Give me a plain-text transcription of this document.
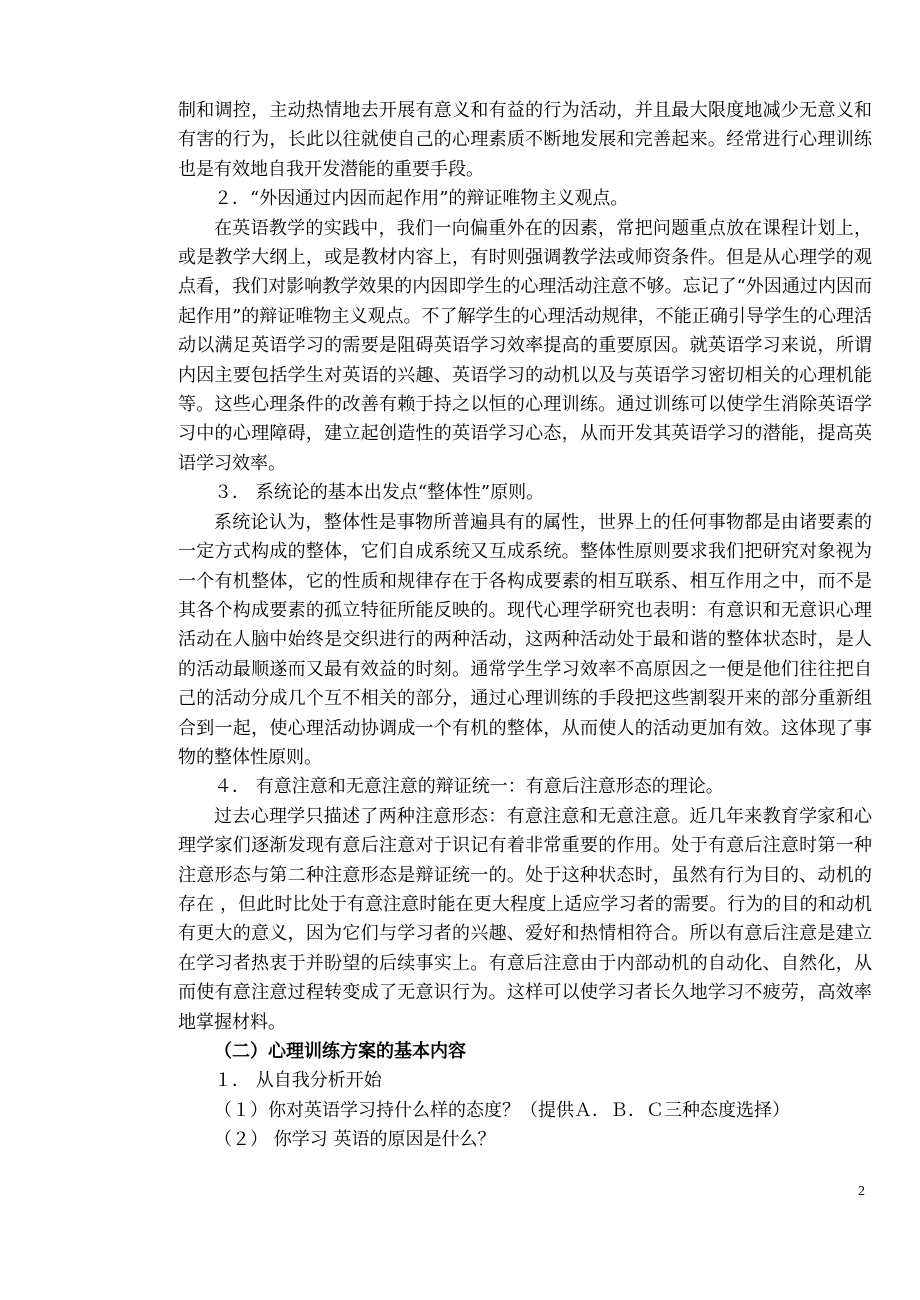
制和调控，主动热情地去开展有意义和有益的行为活动，并且最大限度地减少无意义和有害的行为，长此以往就使自己的心理素质不断地发展和完善起来。经常进行心理训练也是有效地自我开发潜能的重要手段。

２．“外因通过内因而起作用”的辩证唯物主义观点。

在英语教学的实践中，我们一向偏重外在的因素，常把问题重点放在课程计划上，或是教学大纲上，或是教材内容上，有时则强调教学法或师资条件。但是从心理学的观点看，我们对影响教学效果的内因即学生的心理活动注意不够。忘记了“外因通过内因而起作用”的辩证唯物主义观点。不了解学生的心理活动规律，不能正确引导学生的心理活动以满足英语学习的需要是阻碍英语学习效率提高的重要原因。就英语学习来说，所谓内因主要包括学生对英语的兴趣、英语学习的动机以及与英语学习密切相关的心理机能等。这些心理条件的改善有赖于持之以恒的心理训练。通过训练可以使学生消除英语学习中的心理障碍，建立起创造性的英语学习心态，从而开发其英语学习的潜能，提高英语学习效率。

３． 系统论的基本出发点“整体性”原则。

系统论认为，整体性是事物所普遍具有的属性，世界上的任何事物都是由诸要素的一定方式构成的整体，它们自成系统又互成系统。整体性原则要求我们把研究对象视为一个有机整体，它的性质和规律存在于各构成要素的相互联系、相互作用之中，而不是其各个构成要素的孤立特征所能反映的。现代心理学研究也表明：有意识和无意识心理活动在人脑中始终是交织进行的两种活动，这两种活动处于最和谐的整体状态时，是人的活动最顺遂而又最有效益的时刻。通常学生学习效率不高原因之一便是他们往往把自己的活动分成几个互不相关的部分，通过心理训练的手段把这些割裂开来的部分重新组合到一起，使心理活动协调成一个有机的整体，从而使人的活动更加有效。这体现了事物的整体性原则。

４． 有意注意和无意注意的辩证统一：有意后注意形态的理论。

过去心理学只描述了两种注意形态：有意注意和无意注意。近几年来教育学家和心理学家们逐渐发现有意后注意对于识记有着非常重要的作用。处于有意后注意时第一种注意形态与第二种注意形态是辩证统一的。处于这种状态时，虽然有行为目的、动机的存在 ，但此时比处于有意注意时能在更大程度上适应学习者的需要。行为的目的和动机有更大的意义，因为它们与学习者的兴趣、爱好和热情相符合。所以有意后注意是建立在学习者热衷于并盼望的后续事实上。有意后注意由于内部动机的自动化、自然化，从而使有意注意过程转变成了无意识行为。这样可以使学习者长久地学习不疲劳，高效率地掌握材料。

（二）心理训练方案的基本内容

１． 从自我分析开始

（１）你对英语学习持什么样的态度？（提供Ａ．Ｂ．Ｃ三种态度选择）

（２） 你学习 英语的原因是什么？

2
